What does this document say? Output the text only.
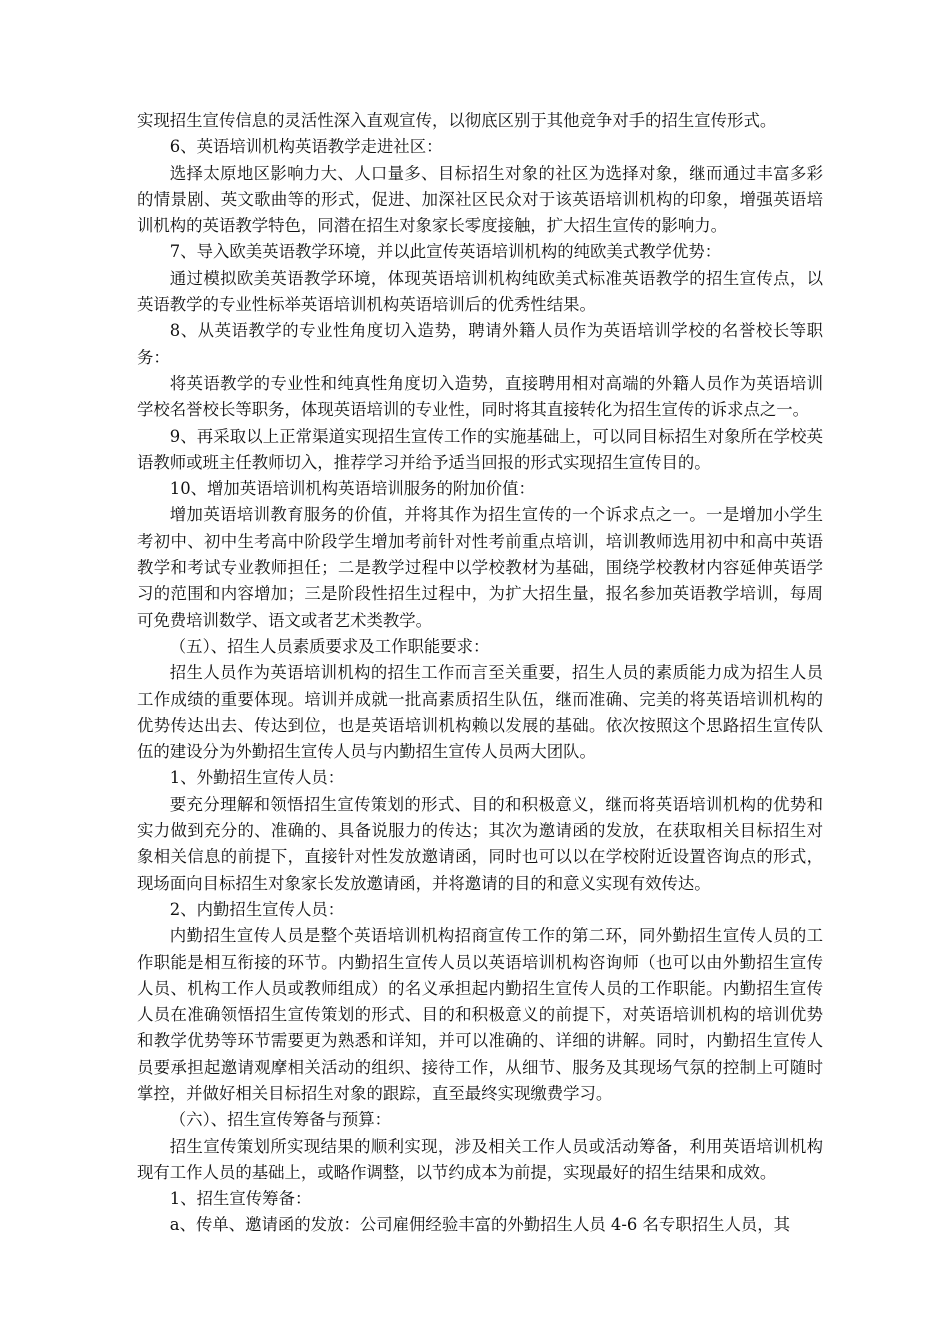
实现招生宣传信息的灵活性深入直观宣传，以彻底区别于其他竞争对手的招生宣传形式。

6、英语培训机构英语教学走进社区：

选择太原地区影响力大、人口量多、目标招生对象的社区为选择对象，继而通过丰富多彩的情景剧、英文歌曲等的形式，促进、加深社区民众对于该英语培训机构的印象，增强英语培训机构的英语教学特色，同潜在招生对象家长零度接触，扩大招生宣传的影响力。

7、导入欧美英语教学环境，并以此宣传英语培训机构的纯欧美式教学优势：

通过模拟欧美英语教学环境，体现英语培训机构纯欧美式标准英语教学的招生宣传点，以英语教学的专业性标举英语培训机构英语培训后的优秀性结果。

8、从英语教学的专业性角度切入造势，聘请外籍人员作为英语培训学校的名誉校长等职务：

将英语教学的专业性和纯真性角度切入造势，直接聘用相对高端的外籍人员作为英语培训学校名誉校长等职务，体现英语培训的专业性，同时将其直接转化为招生宣传的诉求点之一。

9、再采取以上正常渠道实现招生宣传工作的实施基础上，可以同目标招生对象所在学校英语教师或班主任教师切入，推荐学习并给予适当回报的形式实现招生宣传目的。

10、增加英语培训机构英语培训服务的附加价值：

增加英语培训教育服务的价值，并将其作为招生宣传的一个诉求点之一。一是增加小学生考初中、初中生考高中阶段学生增加考前针对性考前重点培训，培训教师选用初中和高中英语教学和考试专业教师担任；二是教学过程中以学校教材为基础，围绕学校教材内容延伸英语学习的范围和内容增加；三是阶段性招生过程中，为扩大招生量，报名参加英语教学培训，每周可免费培训数学、语文或者艺术类教学。

（五）、招生人员素质要求及工作职能要求：

招生人员作为英语培训机构的招生工作而言至关重要，招生人员的素质能力成为招生人员工作成绩的重要体现。培训并成就一批高素质招生队伍，继而准确、完美的将英语培训机构的优势传达出去、传达到位，也是英语培训机构赖以发展的基础。依次按照这个思路招生宣传队伍的建设分为外勤招生宣传人员与内勤招生宣传人员两大团队。

1、外勤招生宣传人员：

要充分理解和领悟招生宣传策划的形式、目的和积极意义，继而将英语培训机构的优势和实力做到充分的、准确的、具备说服力的传达；其次为邀请函的发放，在获取相关目标招生对象相关信息的前提下，直接针对性发放邀请函，同时也可以以在学校附近设置咨询点的形式，现场面向目标招生对象家长发放邀请函，并将邀请的目的和意义实现有效传达。

2、内勤招生宣传人员：

内勤招生宣传人员是整个英语培训机构招商宣传工作的第二环，同外勤招生宣传人员的工作职能是相互衔接的环节。内勤招生宣传人员以英语培训机构咨询师（也可以由外勤招生宣传人员、机构工作人员或教师组成）的名义承担起内勤招生宣传人员的工作职能。内勤招生宣传人员在准确领悟招生宣传策划的形式、目的和积极意义的前提下，对英语培训机构的培训优势和教学优势等环节需要更为熟悉和详知，并可以准确的、详细的讲解。同时，内勤招生宣传人员要承担起邀请观摩相关活动的组织、接待工作，从细节、服务及其现场气氛的控制上可随时掌控，并做好相关目标招生对象的跟踪，直至最终实现缴费学习。

（六）、招生宣传筹备与预算：

招生宣传策划所实现结果的顺利实现，涉及相关工作人员或活动筹备，利用英语培训机构现有工作人员的基础上，或略作调整，以节约成本为前提，实现最好的招生结果和成效。

1、招生宣传筹备：

a、传单、邀请函的发放：公司雇佣经验丰富的外勤招生人员 4-6 名专职招生人员，其
